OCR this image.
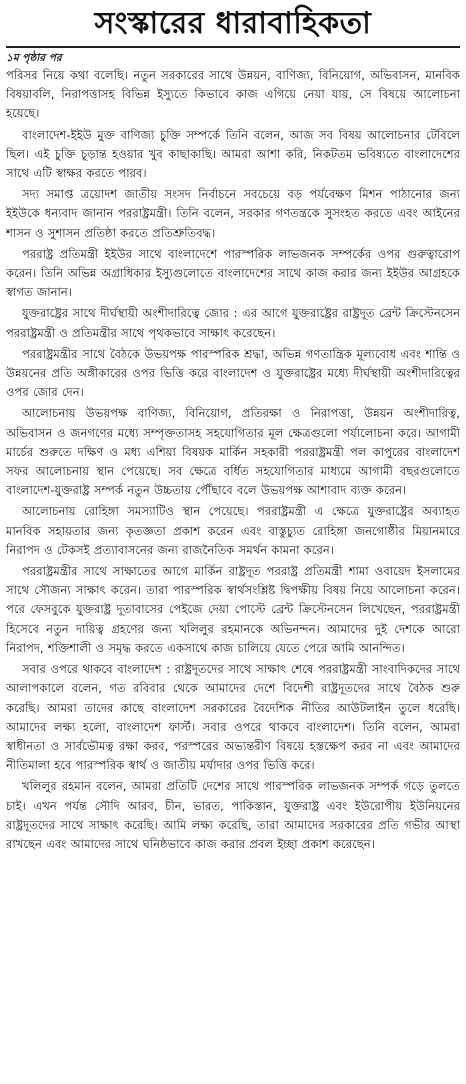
সংস্কারের ধারাবাহিকতা
১ম পৃষ্ঠার পর

পরিসর নিয়ে কথা বলেছি। নতুন সরকারের সাথে উন্নয়ন, বাণিজ্য, বিনিয়োগ, অভিবাসন, মানবিক বিষয়াবলি, নিরাপত্তাসহ বিভিন্ন ইস্যুতে কিভাবে কাজ এগিয়ে নেয়া যায়, সে বিষয়ে আলোচনা হয়েছে।

বাংলাদেশ-ইইউ মুক্ত বাণিজ্য চুক্তি সম্পর্কে তিনি বলেন, আজ সব বিষয় আলোচনার টেবিলে ছিল। এই চুক্তি চূড়ান্ত হওয়ার খুব কাছাকাছি। আমরা আশা করি, নিকটতম ভবিষ্যতে বাংলাদেশের সাথে এটি স্বাক্ষর করতে পারব।

সদ্য সমাপ্ত ত্রয়োদশ জাতীয় সংসদ নির্বাচনে সবচেয়ে বড় পর্যবেক্ষণ মিশন পাঠানোর জন্য ইইউকে ধন্যবাদ জানান পররাষ্ট্রমন্ত্রী। তিনি বলেন, সরকার গণতন্ত্রকে সুসংহত করতে এবং আইনের শাসন ও সুশাসন প্রতিষ্ঠা করতে প্রতিশ্রুতিবদ্ধ।

পররাষ্ট্র প্রতিমন্ত্রী ইইউর সাথে বাংলাদেশে পারস্পরিক লাভজনক সম্পর্কের ওপর গুরুত্বারোপ করেন। তিনি অভিন্ন অগ্রাধিকার ইস্যুগুলোতে বাংলাদেশের সাথে কাজ করার জন্য ইইউর আগ্রহকে স্বাগত জানান।

যুক্তরাষ্ট্রের সাথে দীর্ঘস্থায়ী অংশীদারিত্বে জোর : এর আগে যুক্তরাষ্ট্রের রাষ্ট্রদূত ব্রেন্ট ক্রিস্টেনসেন পররাষ্ট্রমন্ত্রী ও প্রতিমন্ত্রীর সাথে পৃথকভাবে সাক্ষাৎ করেছেন।

পররাষ্ট্রমন্ত্রীর সাথে বৈঠকে উভয়পক্ষ পারস্পরিক শ্রদ্ধা, অভিন্ন গণতান্ত্রিক মূল্যবোধ এবং শান্তি ও উন্নয়নের প্রতি অঙ্গীকারের ওপর ভিত্তি করে বাংলাদেশ ও যুক্তরাষ্ট্রের মধ্যে দীর্ঘস্থায়ী অংশীদারিত্বের ওপর জোর দেন।

আলোচনায় উভয়পক্ষ বাণিজ্য, বিনিয়োগ, প্রতিরক্ষা ও নিরাপত্তা, উন্নয়ন অংশীদারিত্ব, অভিবাসন ও জনগণের মধ্যে সম্পৃক্ততাসহ সহযোগিতার মূল ক্ষেত্রগুলো পর্যালোচনা করে। আগামী মার্চের শুরুতে দক্ষিণ ও মধ্য এশিয়া বিষয়ক মার্কিন সহকারী পররাষ্ট্রমন্ত্রী পল কাপুরের বাংলাদেশ সফর আলোচনায় স্থান পেয়েছে। সব ক্ষেত্রে বর্ধিত সহযোগিতার মাধ্যমে আগামী বছরগুলোতে বাংলাদেশ-যুক্তরাষ্ট্র সম্পর্ক নতুন উচ্চতায় পৌঁছাবে বলে উভয়পক্ষ আশাবাদ ব্যক্ত করেন।

আলোচনায় রোহিঙ্গা সমস্যাটিও স্থান পেয়েছে। পররাষ্ট্রমন্ত্রী এ ক্ষেত্রে যুক্তরাষ্ট্রের অব্যাহত মানবিক সহায়তার জন্য কৃতজ্ঞতা প্রকাশ করেন এবং বাস্তুচ্যুত রোহিঙ্গা জনগোষ্ঠীর মিয়ানমারে নিরাপদ ও টেকসই প্রত্যাবাসনের জন্য রাজনৈতিক সমর্থন কামনা করেন।

পররাষ্ট্রমন্ত্রীর সাথে সাক্ষাতের আগে মার্কিন রাষ্ট্রদূত পররাষ্ট্র প্রতিমন্ত্রী শামা ওবায়েদ ইসলামের সাথে সৌজন্য সাক্ষাৎ করেন। তারা পারস্পরিক স্বার্থসংশ্লিষ্ট দ্বিপক্ষীয় বিষয় নিয়ে আলোচনা করেন। পরে ফেসবুকে যুক্তরাষ্ট্র দূতাবাসের পেইজে দেয়া পোস্টে ব্রেন্ট ক্রিস্টেনসেন লিখেছেন, পররাষ্ট্রমন্ত্রী হিসেবে নতুন দায়িত্ব গ্রহণের জন্য খলিলুর রহমানকে অভিনন্দন। আমাদের দুই দেশকে আরো নিরাপদ, শক্তিশালী ও সমৃদ্ধ করতে একসাথে কাজ চালিয়ে যেতে পেরে আমি আনন্দিত।

সবার ওপরে থাকবে বাংলাদেশ : রাষ্ট্রদূতদের সাথে সাক্ষাৎ শেষে পররাষ্ট্রমন্ত্রী সাংবাদিকদের সাথে আলাপকালে বলেন, গত রবিবার থেকে আমাদের দেশে বিদেশী রাষ্ট্রদূতদের সাথে বৈঠক শুরু করেছি। আমরা তাদের কাছে বাংলাদেশ সরকারের বৈদেশিক নীতির আউটলাইন তুলে ধরেছি। আমাদের লক্ষ্য হলো, বাংলাদেশ ফার্স্ট। সবার ওপরে থাকবে বাংলাদেশ। তিনি বলেন, আমরা স্বাধীনতা ও সার্বভৌমত্ব রক্ষা করব, পরস্পরের অভ্যন্তরীণ বিষয়ে হস্তক্ষেপ করব না এবং আমাদের নীতিমালা হবে পারস্পরিক স্বার্থ ও জাতীয় মর্যাদার ওপর ভিত্তি করে।

খলিলুর রহমান বলেন, আমরা প্রতিটি দেশের সাথে পারস্পরিক লাভজনক সম্পর্ক গড়ে তুলতে চাই। এখন পর্যন্ত সৌদি আরব, চীন, ভারত, পাকিস্তান, যুক্তরাষ্ট্র এবং ইউরোপীয় ইউনিয়নের রাষ্ট্রদূতদের সাথে সাক্ষাৎ করেছি। আমি লক্ষ্য করেছি, তারা আমাদের সরকারের প্রতি গভীর আস্থা রাখছেন এবং আমাদের সাথে ঘনিষ্ঠভাবে কাজ করার প্রবল ইচ্ছা প্রকাশ করেছেন।
